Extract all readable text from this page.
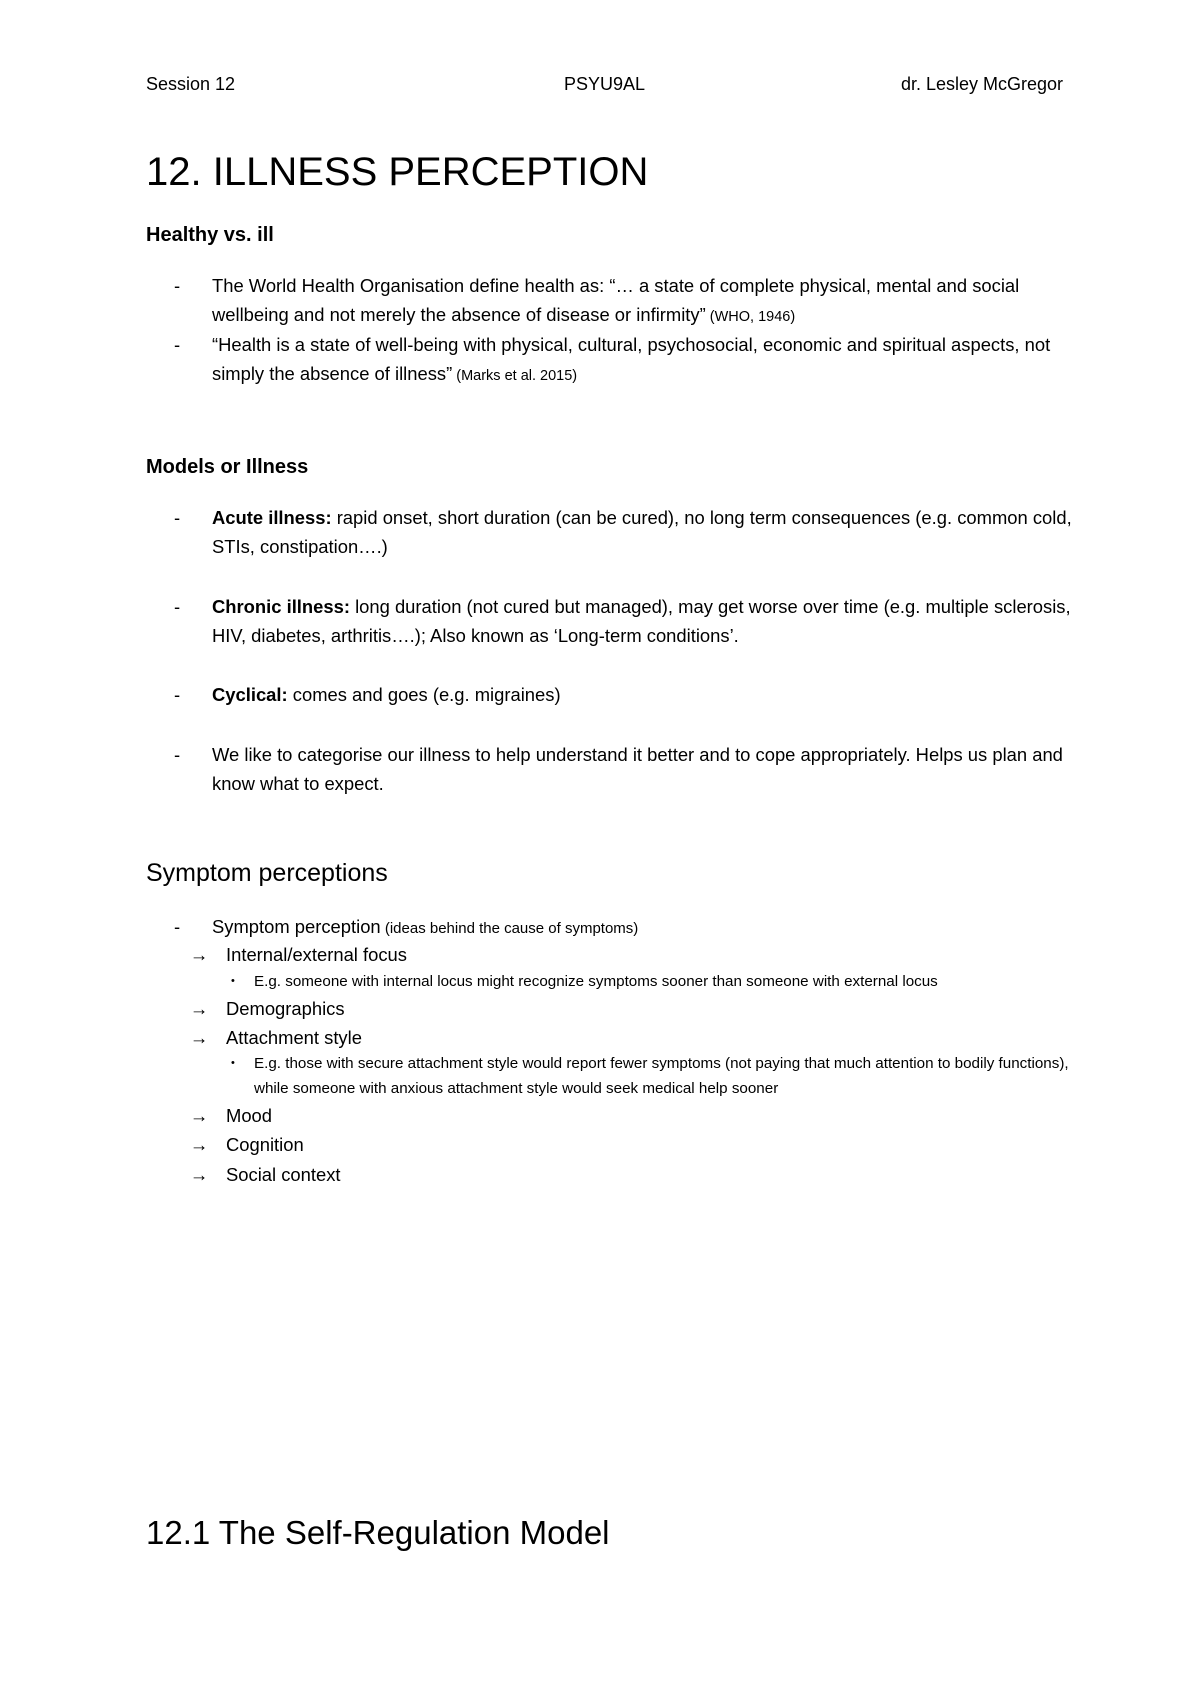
Session 12	PSYU9AL	dr. Lesley McGregor
12. ILLNESS PERCEPTION
Healthy vs. ill
- The World Health Organisation define health as: “… a state of complete physical, mental and social wellbeing and not merely the absence of disease or infirmity” (WHO, 1946)
- “Health is a state of well-being with physical, cultural, psychosocial, economic and spiritual aspects, not simply the absence of illness” (Marks et al. 2015)
Models or Illness
- Acute illness: rapid onset, short duration (can be cured), no long term consequences (e.g. common cold, STIs, constipation….)
- Chronic illness: long duration (not cured but managed), may get worse over time (e.g. multiple sclerosis, HIV, diabetes, arthritis….); Also known as ‘Long-term conditions’.
- Cyclical: comes and goes (e.g. migraines)
- We like to categorise our illness to help understand it better and to cope appropriately. Helps us plan and know what to expect.
Symptom perceptions
- Symptom perception (ideas behind the cause of symptoms)
→ Internal/external focus
• E.g. someone with internal locus might recognize symptoms sooner than someone with external locus
→ Demographics
→ Attachment style
• E.g. those with secure attachment style would report fewer symptoms (not paying that much attention to bodily functions), while someone with anxious attachment style would seek medical help sooner
→ Mood
→ Cognition
→ Social context
12.1 The Self-Regulation Model
